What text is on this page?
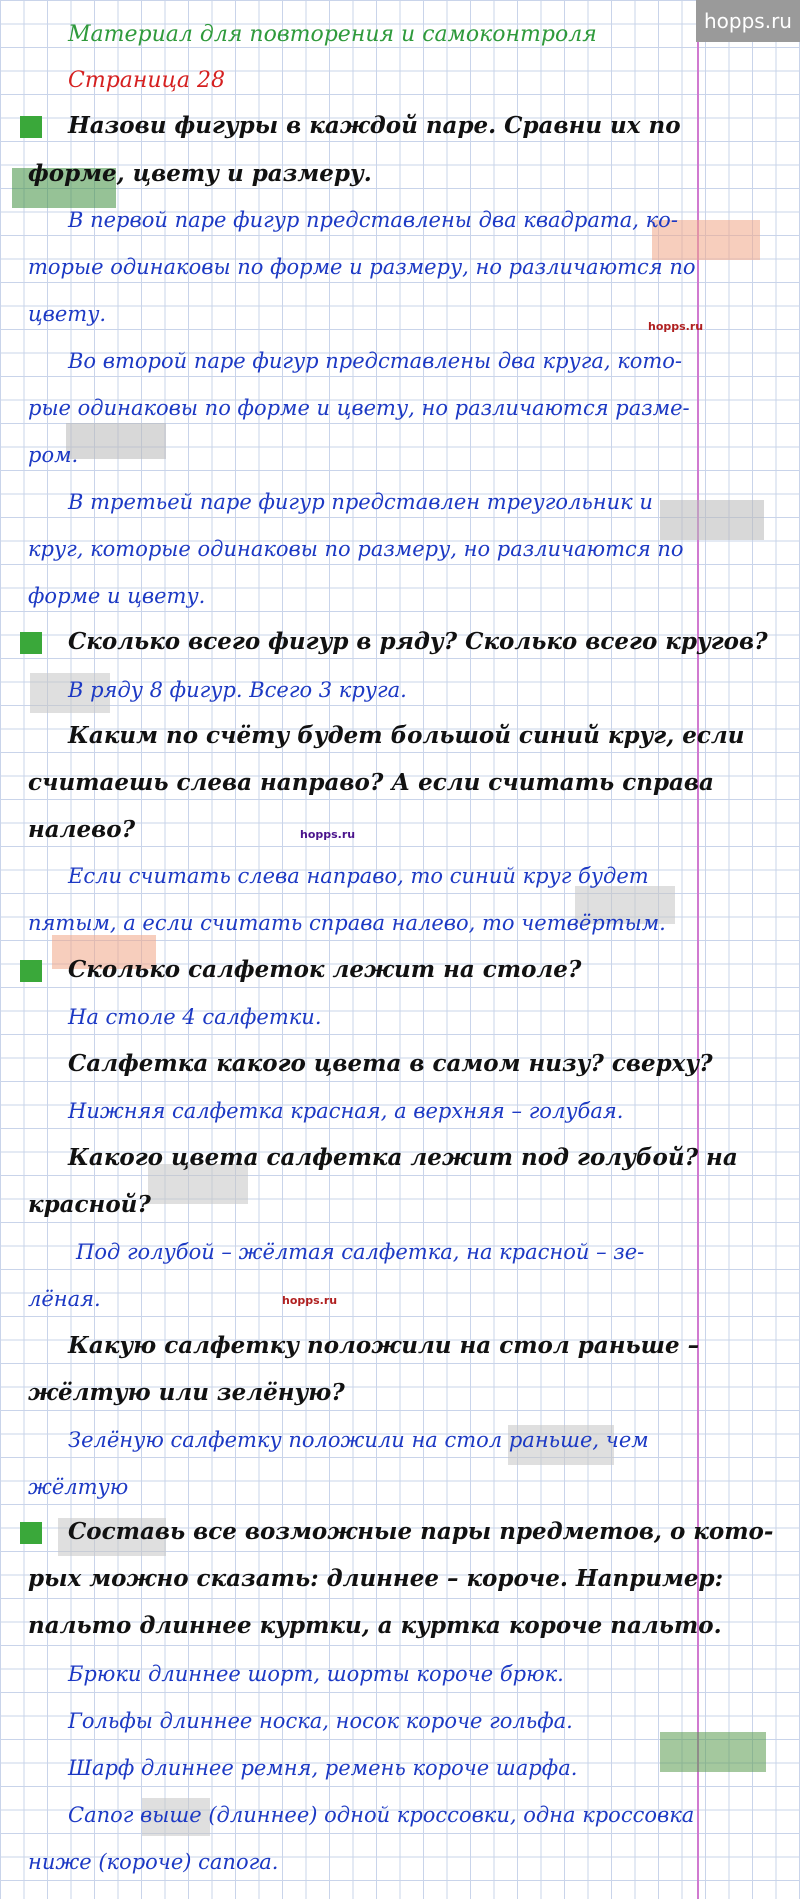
hopps.ru
hopps.ru
hopps.ru
hopps.ru
Материал для повторения и самоконтроля
Страница 28
Назови фигуры в каждой паре. Сравни их по
форме, цвету и размеру.
В первой паре фигур представлены два квадрата, ко-
торые одинаковы по форме и размеру, но различаются по
цвету.
Во второй паре фигур представлены два круга, кото-
рые одинаковы по форме и цвету, но различаются разме-
ром.
В третьей паре фигур представлен треугольник и
круг, которые одинаковы по размеру, но различаются по
форме и цвету.
Сколько всего фигур в ряду? Сколько всего кругов?
В ряду 8 фигур. Всего 3 круга.
Каким по счёту будет большой синий круг, если
считаешь слева направо? А если считать справа
налево?
Если считать слева направо, то синий круг будет
пятым, а если считать справа налево, то четвёртым.
Сколько салфеток лежит на столе?
На столе 4 салфетки.
Салфетка какого цвета в самом низу? сверху?
Нижняя салфетка красная, а верхняя – голубая.
Какого цвета салфетка лежит под голубой? на
красной?
Под голубой – жёлтая салфетка, на красной – зе-
лёная.
Какую салфетку положили на стол раньше –
жёлтую или зелёную?
Зелёную салфетку положили на стол раньше, чем
жёлтую
Составь все возможные пары предметов, о кото-
рых можно сказать: длиннее – короче. Например:
пальто длиннее куртки, а куртка короче пальто.
Брюки длиннее шорт, шорты короче брюк.
Гольфы длиннее носка, носок короче гольфа.
Шарф длиннее ремня, ремень короче шарфа.
Сапог выше (длиннее) одной кроссовки, одна кроссовка
ниже (короче) сапога.
